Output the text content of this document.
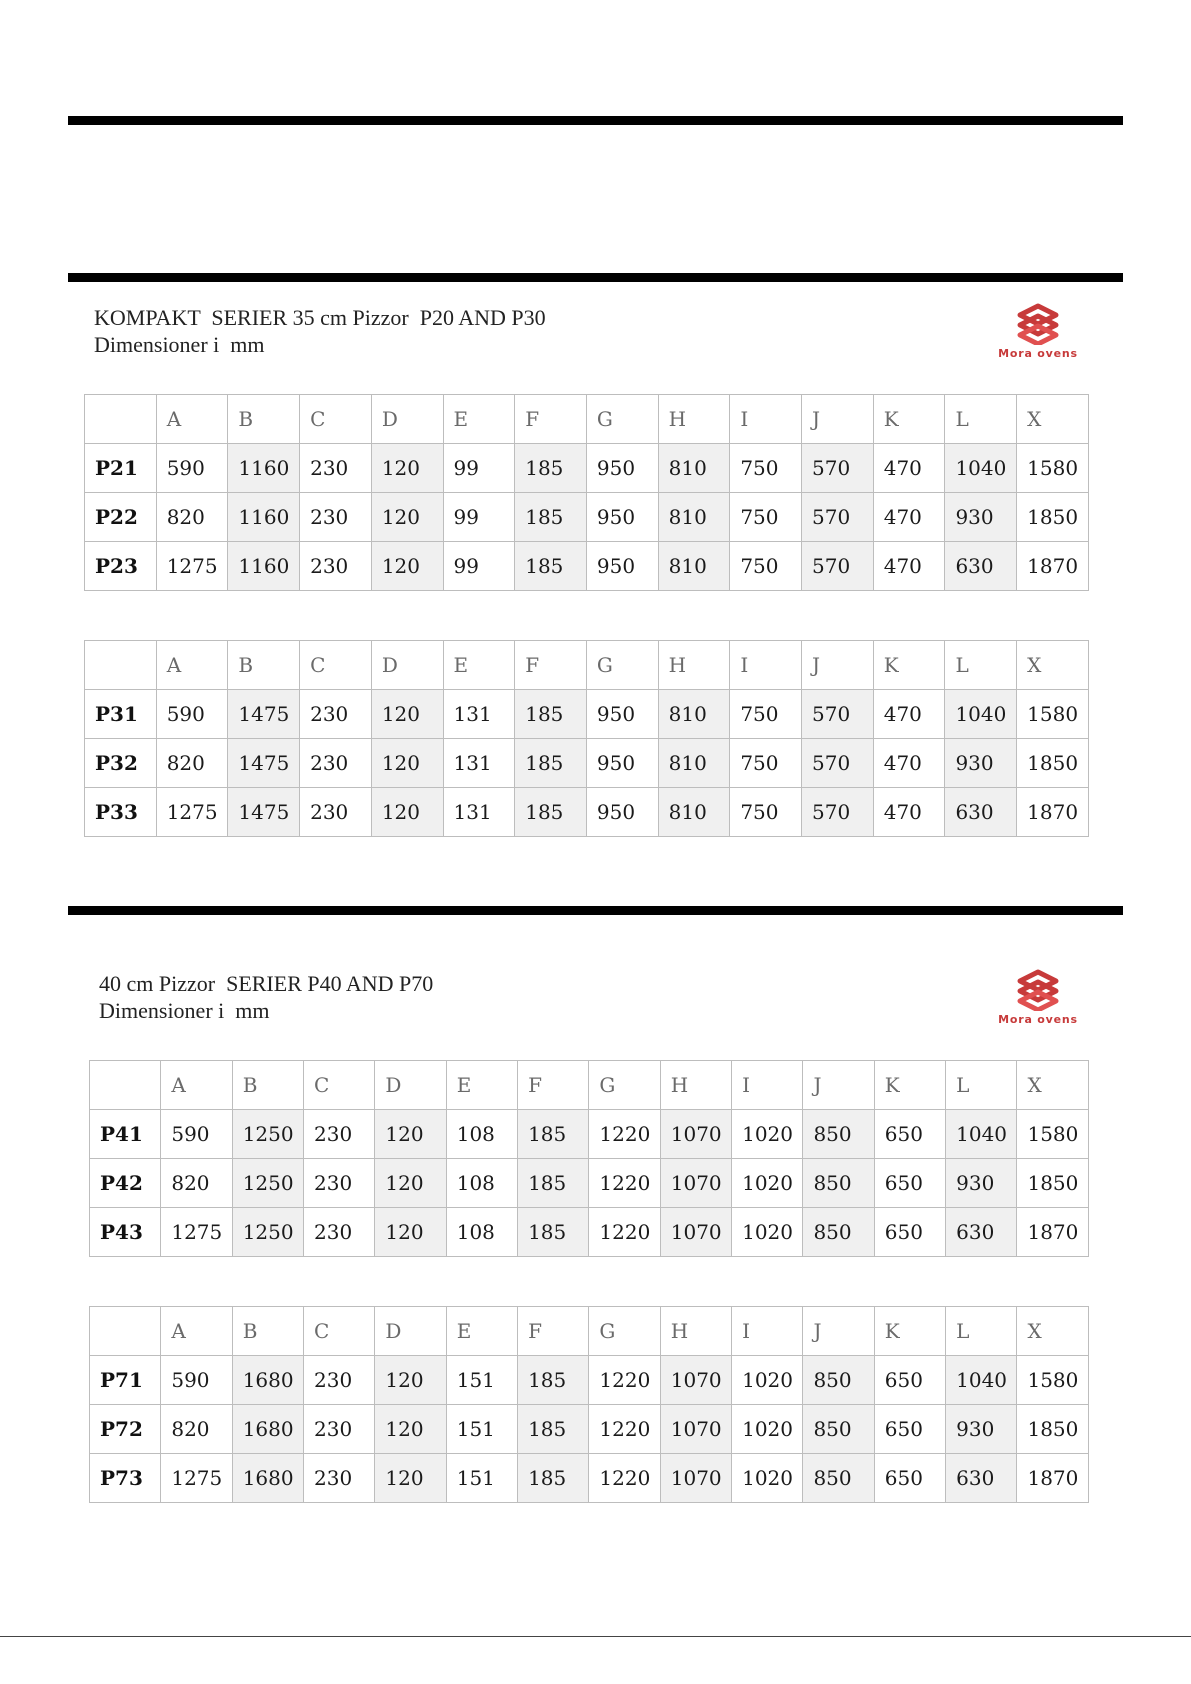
KOMPAKT  SERIER 35 cm Pizzor  P20 AND P30
Dimensioner i  mm	Mora ovens
	A	B	C	D	E	F	G	H	I	J	K	L	X
P21	590	1160	230	120	99	185	950	810	750	570	470	1040	1580
P22	820	1160	230	120	99	185	950	810	750	570	470	930	1850
P23	1275	1160	230	120	99	185	950	810	750	570	470	630	1870
	A	B	C	D	E	F	G	H	I	J	K	L	X
P31	590	1475	230	120	131	185	950	810	750	570	470	1040	1580
P32	820	1475	230	120	131	185	950	810	750	570	470	930	1850
P33	1275	1475	230	120	131	185	950	810	750	570	470	630	1870

40 cm Pizzor  SERIER P40 AND P70
Dimensioner i  mm	Mora ovens
	A	B	C	D	E	F	G	H	I	J	K	L	X
P41	590	1250	230	120	108	185	1220	1070	1020	850	650	1040	1580
P42	820	1250	230	120	108	185	1220	1070	1020	850	650	930	1850
P43	1275	1250	230	120	108	185	1220	1070	1020	850	650	630	1870
	A	B	C	D	E	F	G	H	I	J	K	L	X
P71	590	1680	230	120	151	185	1220	1070	1020	850	650	1040	1580
P72	820	1680	230	120	151	185	1220	1070	1020	850	650	930	1850
P73	1275	1680	230	120	151	185	1220	1070	1020	850	650	630	1870
